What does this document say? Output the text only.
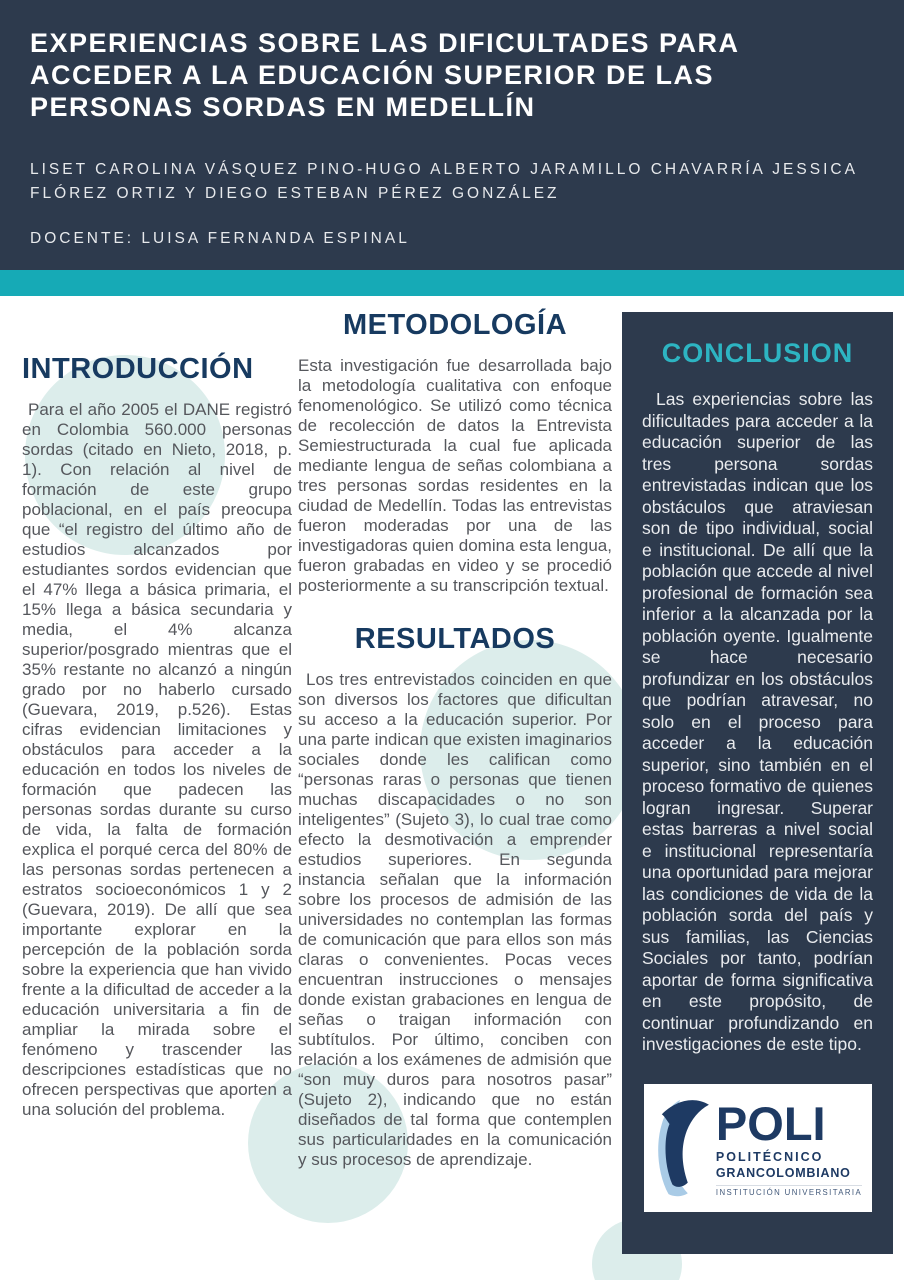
EXPERIENCIAS SOBRE LAS DIFICULTADES PARA ACCEDER A LA EDUCACIÓN SUPERIOR DE LAS PERSONAS SORDAS EN MEDELLÍN

LISET CAROLINA VÁSQUEZ PINO-HUGO ALBERTO JARAMILLO CHAVARRÍA JESSICA FLÓREZ ORTIZ Y DIEGO ESTEBAN PÉREZ GONZÁLEZ

DOCENTE: LUISA FERNANDA ESPINAL

INTRODUCCIÓN

Para el año 2005 el DANE registró en Colombia 560.000 personas sordas (citado en Nieto, 2018, p. 1). Con relación al nivel de formación de este grupo poblacional, en el país preocupa que “el registro del último año de estudios alcanzados por estudiantes sordos evidencian que el 47% llega a básica primaria, el 15% llega a básica secundaria y media, el 4% alcanza superior/posgrado mientras que el 35% restante no alcanzó a ningún grado por no haberlo cursado (Guevara, 2019, p.526). Estas cifras evidencian limitaciones y obstáculos para acceder a la educación en todos los niveles de formación que padecen las personas sordas durante su curso de vida, la falta de formación explica el porqué cerca del 80% de las personas sordas pertenecen a estratos socioeconómicos 1 y 2 (Guevara, 2019). De allí que sea importante explorar en la percepción de la población sorda sobre la experiencia que han vivido frente a la dificultad de acceder a la educación universitaria a fin de ampliar la mirada sobre el fenómeno y trascender las descripciones estadísticas que no ofrecen perspectivas que aporten a una solución del problema.

METODOLOGÍA

Esta investigación fue desarrollada bajo la metodología cualitativa con enfoque fenomenológico. Se utilizó como técnica de recolección de datos la Entrevista Semiestructurada la cual fue aplicada mediante lengua de señas colombiana a tres personas sordas residentes en la ciudad de Medellín. Todas las entrevistas fueron moderadas por una de las investigadoras quien domina esta lengua, fueron grabadas en video y se procedió posteriormente a su transcripción textual.

RESULTADOS

Los tres entrevistados coinciden en que son diversos los factores que dificultan su acceso a la educación superior. Por una parte indican que existen imaginarios sociales donde les califican como “personas raras o personas que tienen muchas discapacidades o no son inteligentes” (Sujeto 3), lo cual trae como efecto la desmotivación a emprender estudios superiores. En segunda instancia señalan que la información sobre los procesos de admisión de las universidades no contemplan las formas de comunicación que para ellos son más claras o convenientes. Pocas veces encuentran instrucciones o mensajes donde existan grabaciones en lengua de señas o traigan información con subtítulos. Por último, conciben con relación a los exámenes de admisión que “son muy duros para nosotros pasar” (Sujeto 2), indicando que no están diseñados de tal forma que contemplen sus particularidades en la comunicación y sus procesos de aprendizaje.

CONCLUSION

Las experiencias sobre las dificultades para acceder a la educación superior de las tres persona sordas entrevistadas indican que los obstáculos que atraviesan son de tipo individual, social e institucional. De allí que la población que accede al nivel profesional de formación sea inferior a la alcanzada por la población oyente. Igualmente se hace necesario profundizar en los obstáculos que podrían atravesar, no solo en el proceso para acceder a la educación superior, sino también en el proceso formativo de quienes logran ingresar. Superar estas barreras a nivel social e institucional representaría una oportunidad para mejorar las condiciones de vida de la población sorda del país y sus familias, las Ciencias Sociales por tanto, podrían aportar de forma significativa en este propósito, de continuar profundizando en investigaciones de este tipo.

POLI
POLITÉCNICO
GRANCOLOMBIANO
INSTITUCIÓN UNIVERSITARIA
